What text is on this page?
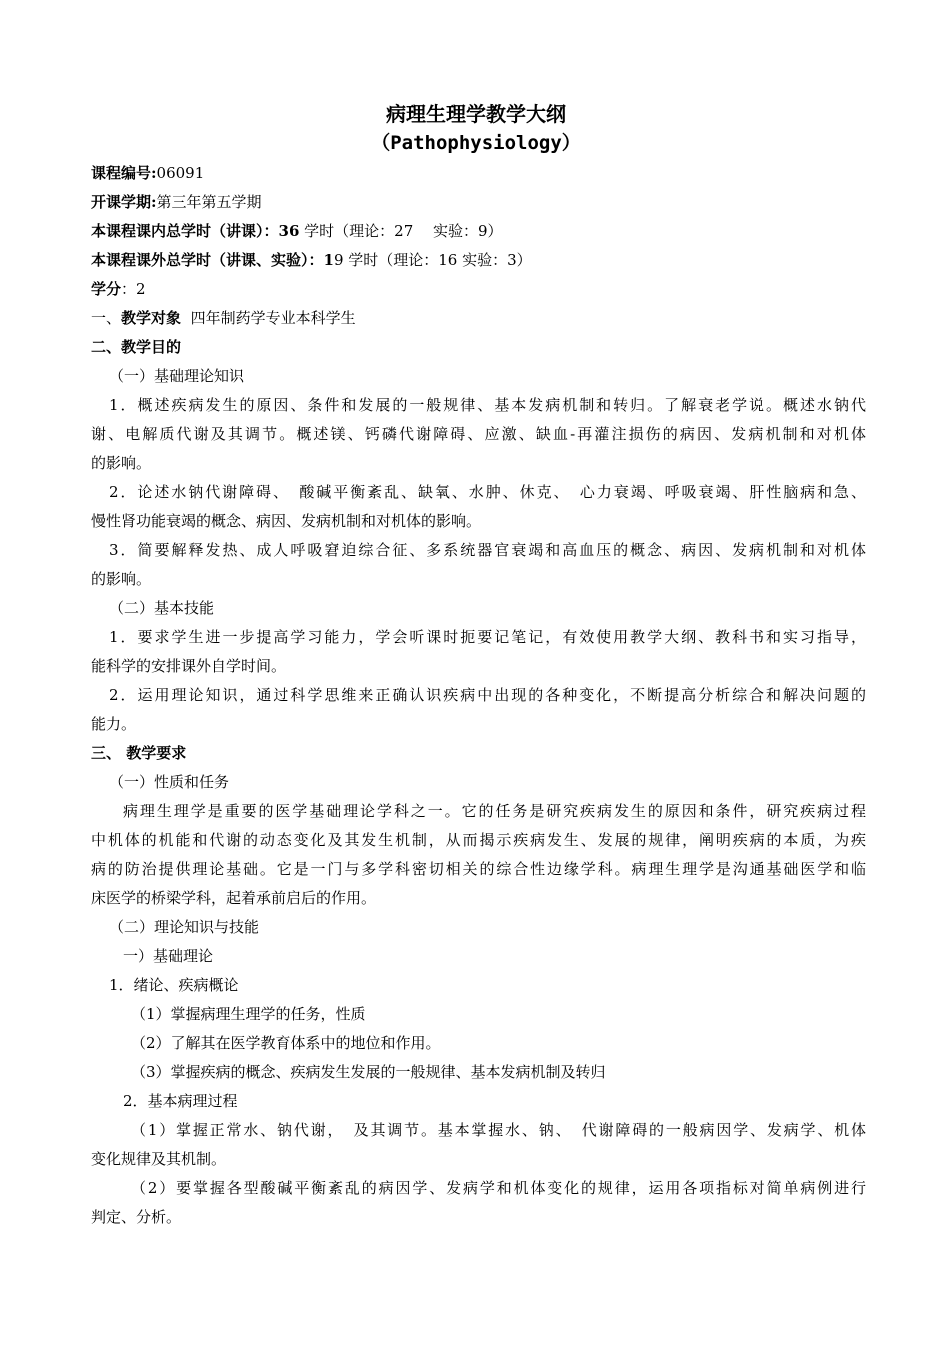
病理生理学教学大纲
（Pathophysiology）
课程编号:06091
开课学期:第三年第五学期
本课程课内总学时（讲课）：36 学时（理论：27　 实验：9）
本课程课外总学时（讲课、实验）：19 学时（理论：16 实验：3）
学分：2
一、教学对象  四年制药学专业本科学生
二、教学目的
（一）基础理论知识
1．概述疾病发生的原因、条件和发展的一般规律、基本发病机制和转归。了解衰老学说。概述水钠代
谢、电解质代谢及其调节。概述镁、钙磷代谢障碍、应激、缺血-再灌注损伤的病因、发病机制和对机体
的影响。
2．论述水钠代谢障碍、　酸碱平衡紊乱、缺氧、水肿、休克、　心力衰竭、呼吸衰竭、肝性脑病和急、
慢性肾功能衰竭的概念、病因、发病机制和对机体的影响。
3．简要解释发热、成人呼吸窘迫综合征、多系统器官衰竭和高血压的概念、病因、发病机制和对机体
的影响。
（二）基本技能
1．要求学生进一步提高学习能力，学会听课时扼要记笔记，有效使用教学大纲、教科书和实习指导，
能科学的安排课外自学时间。
2．运用理论知识，通过科学思维来正确认识疾病中出现的各种变化，不断提高分析综合和解决问题的
能力。
三、 教学要求
（一）性质和任务
病理生理学是重要的医学基础理论学科之一。它的任务是研究疾病发生的原因和条件，研究疾病过程
中机体的机能和代谢的动态变化及其发生机制，从而揭示疾病发生、发展的规律，阐明疾病的本质，为疾
病的防治提供理论基础。它是一门与多学科密切相关的综合性边缘学科。病理生理学是沟通基础医学和临
床医学的桥梁学科，起着承前启后的作用。
（二）理论知识与技能
一）基础理论
1．绪论、疾病概论
（1）掌握病理生理学的任务，性质
（2）了解其在医学教育体系中的地位和作用。
（3）掌握疾病的概念、疾病发生发展的一般规律、基本发病机制及转归
2．基本病理过程
（1）掌握正常水、钠代谢，　及其调节。基本掌握水、钠、　代谢障碍的一般病因学、发病学、机体
变化规律及其机制。
（2）要掌握各型酸碱平衡紊乱的病因学、发病学和机体变化的规律，运用各项指标对简单病例进行
判定、分析。
